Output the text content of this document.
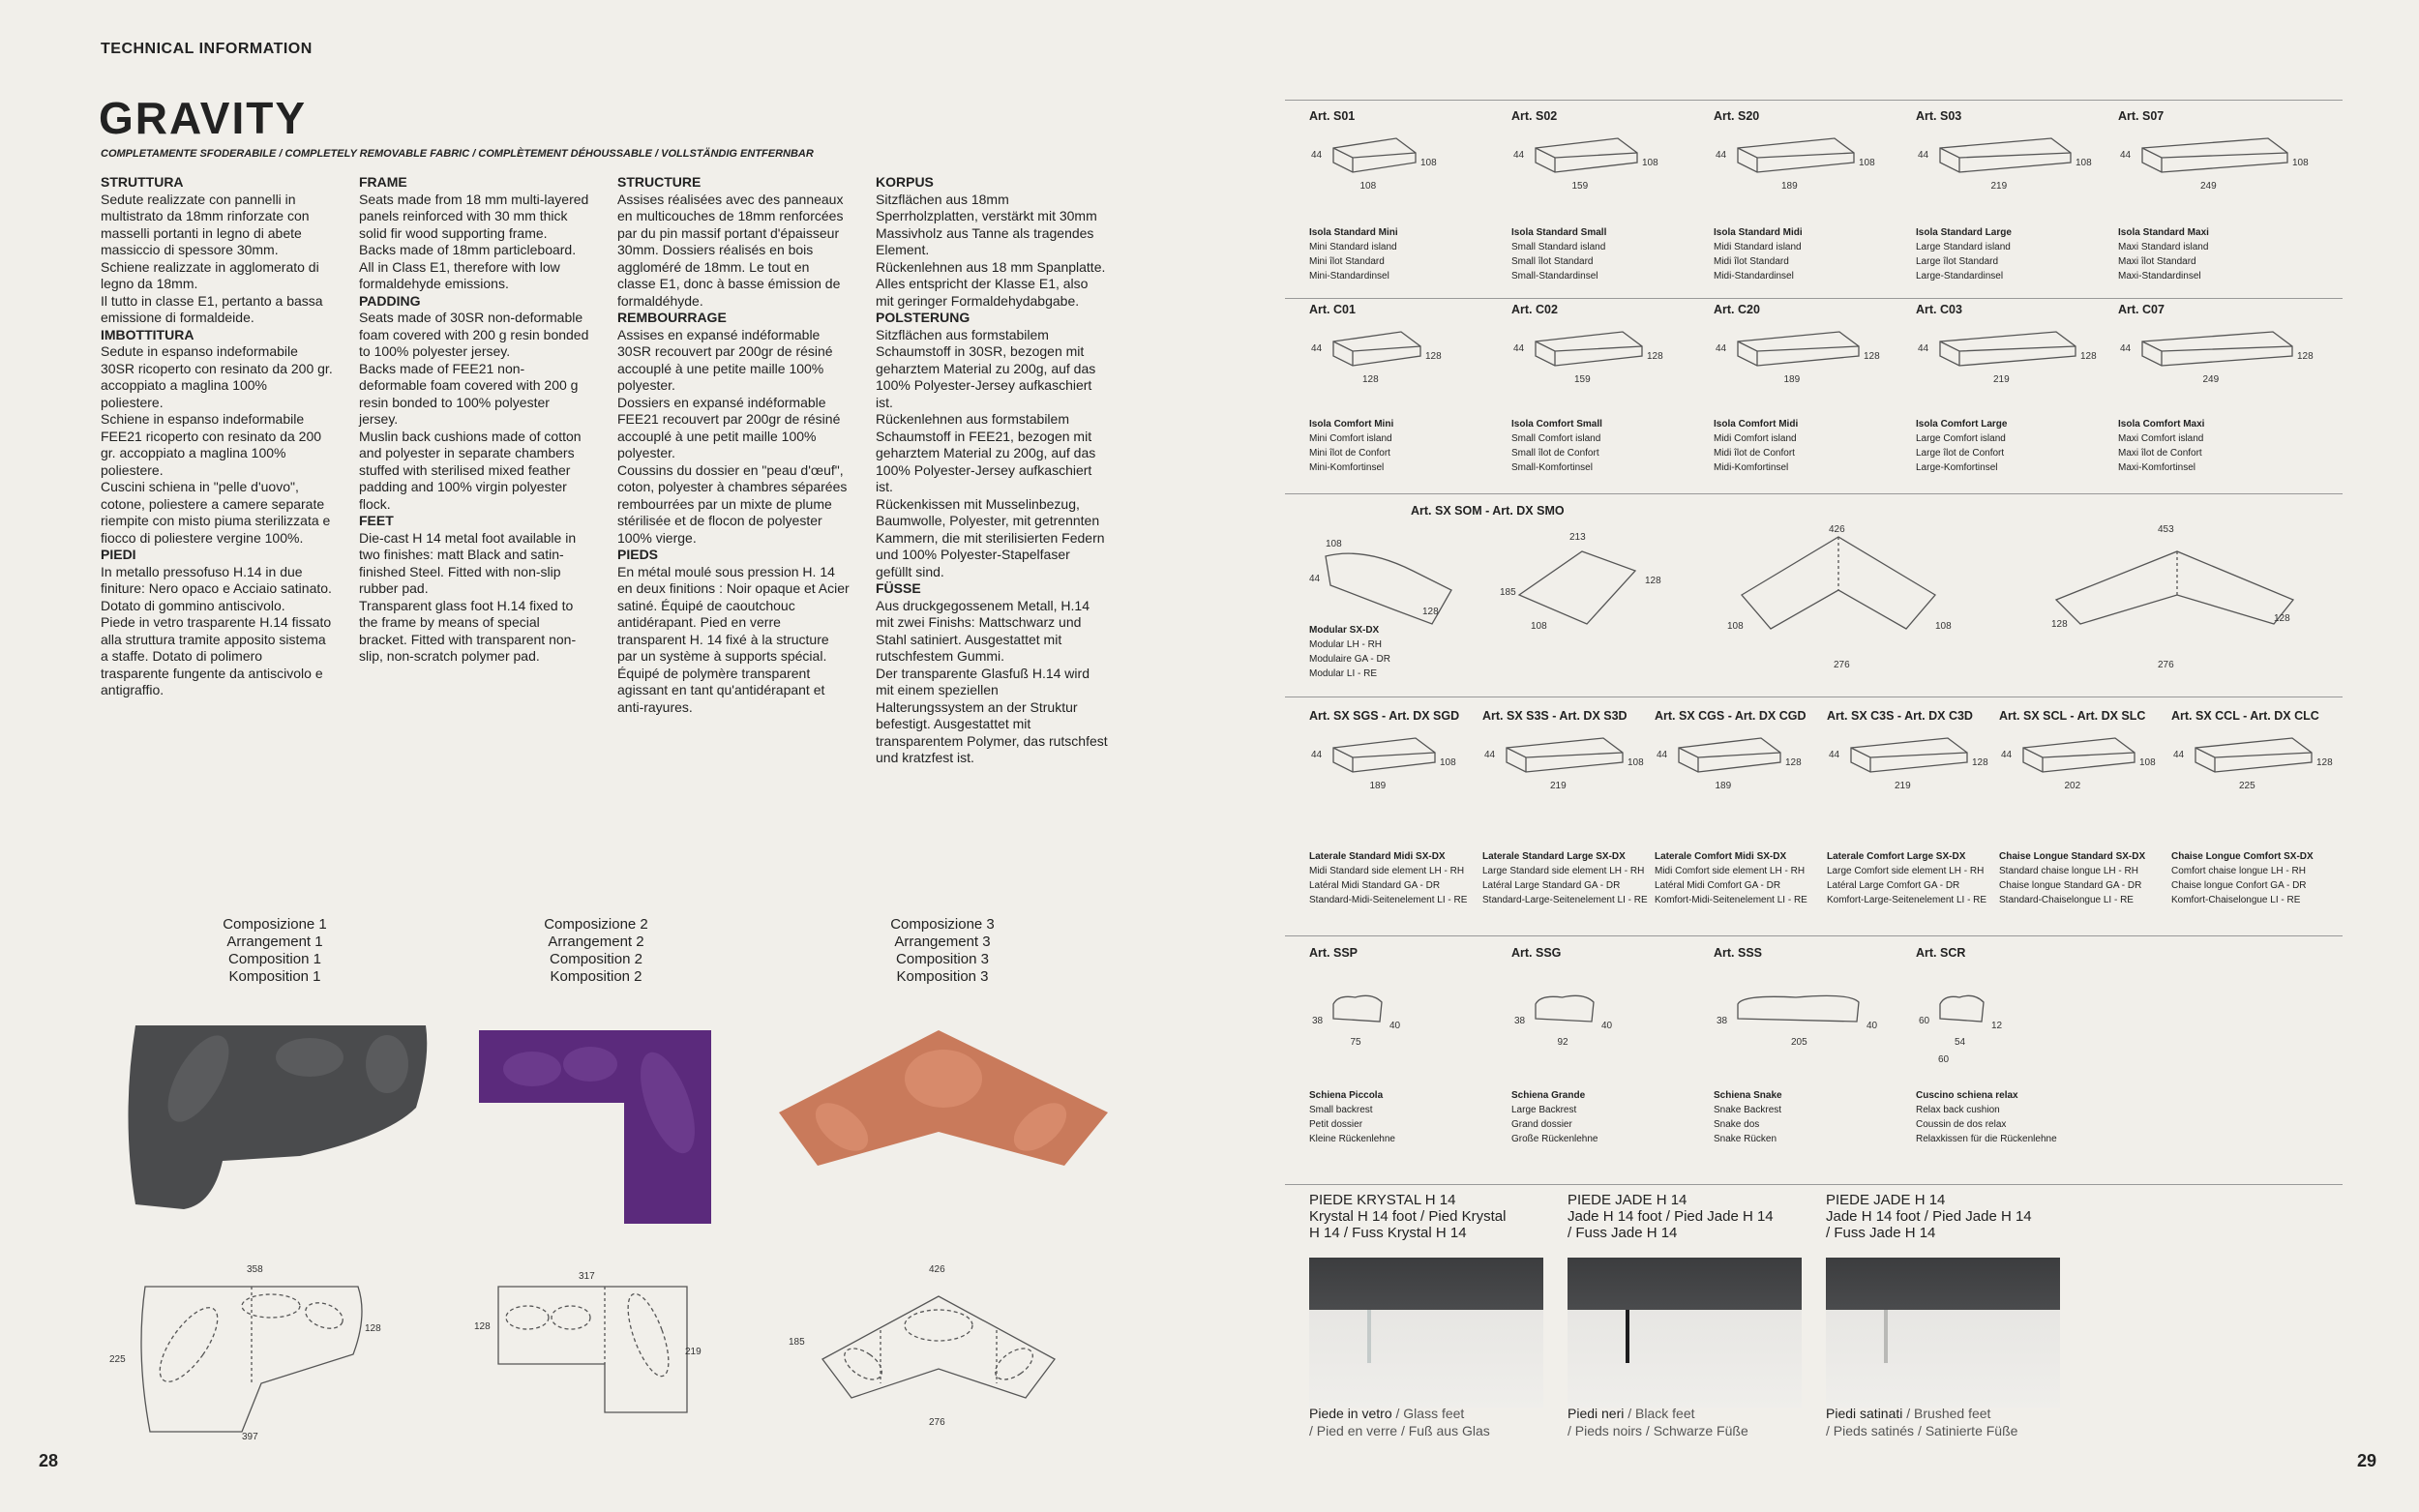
TECHNICAL INFORMATION
GRAVITY
COMPLETAMENTE SFODERABILE / COMPLETELY REMOVABLE FABRIC / COMPLÈTEMENT DÉHOUSSABLE / VOLLSTÄNDIG ENTFERNBAR
STRUTTURA

Sedute realizzate con pannelli in multistrato da 18mm rinforzate con masselli portanti in legno di abete massiccio di spessore 30mm.
Schiene realizzate in agglomerato di legno da 18mm.
Il tutto in classe E1, pertanto a bassa emissione di formaldeide.

IMBOTTITURA

Sedute in espanso indeformabile 30SR ricoperto con resinato da 200 gr. accoppiato a maglina 100% poliestere.
Schiene in espanso indeformabile FEE21 ricoperto con resinato da 200 gr. accoppiato a maglina 100% poliestere.
Cuscini schiena in "pelle d'uovo", cotone, poliestere a camere separate riempite con misto piuma sterilizzata e fiocco di poliestere vergine 100%.

PIEDI

In metallo pressofuso H.14 in due finiture: Nero opaco e Acciaio satinato. Dotato di gommino antiscivolo.
Piede in vetro trasparente H.14 fissato alla struttura tramite apposito sistema a staffe. Dotato di polimero trasparente fungente da antiscivolo e antigraffio.

FRAME

Seats made from 18 mm multi-layered panels reinforced with 30 mm thick solid fir wood supporting frame.
Backs made of 18mm particleboard.
All in Class E1, therefore with low formaldehyde emissions.

PADDING

Seats made of 30SR non-deformable foam covered with 200 g resin bonded to 100% polyester jersey.
Backs made of FEE21 non-deformable foam covered with 200 g resin bonded to 100% polyester jersey.
Muslin back cushions made of cotton and polyester in separate chambers stuffed with sterilised mixed feather padding and 100% virgin polyester flock.

FEET

Die-cast H 14 metal foot available in two finishes: matt Black and satin-finished Steel. Fitted with non-slip rubber pad.
Transparent glass foot H.14 fixed to the frame by means of special bracket. Fitted with transparent non-slip, non-scratch polymer pad.

STRUCTURE

Assises réalisées avec des panneaux en multicouches de 18mm renforcées par du pin massif portant d'épaisseur 30mm. Dossiers réalisés en bois aggloméré de 18mm. Le tout en classe E1, donc à basse émission de formaldéhyde.

REMBOURRAGE

Assises en expansé indéformable 30SR recouvert par 200gr de résiné accouplé à une petite maille 100% polyester.
Dossiers en expansé indéformable FEE21 recouvert par 200gr de résiné accouplé à une petit maille 100% polyester.
Coussins du dossier en "peau d'œuf", coton, polyester à chambres séparées rembourrées par un mixte de plume stérilisée et de flocon de polyester 100% vierge.

PIEDS

En métal moulé sous pression H. 14 en deux finitions : Noir opaque et Acier satiné. Équipé de caoutchouc antidérapant. Pied en verre transparent H. 14 fixé à la structure par un système à supports spécial. Équipé de polymère transparent agissant en tant qu'antidérapant et anti-rayures.

KORPUS

Sitzflächen aus 18mm Sperrholzplatten, verstärkt mit 30mm Massivholz aus Tanne als tragendes Element.
Rückenlehnen aus 18 mm Spanplatte.
Alles entspricht der Klasse E1, also mit geringer Formaldehydabgabe.

POLSTERUNG

Sitzflächen aus formstabilem Schaumstoff in 30SR, bezogen mit geharztem Material zu 200g, auf das 100% Polyester-Jersey aufkaschiert ist.
Rückenlehnen aus formstabilem Schaumstoff in FEE21, bezogen mit geharztem Material zu 200g, auf das 100% Polyester-Jersey aufkaschiert ist.
Rückenkissen mit Musselinbezug, Baumwolle, Polyester, mit getrennten Kammern, die mit sterilisierten Federn und 100% Polyester-Stapelfaser gefüllt sind.

FÜSSE

Aus druckgegossenem Metall, H.14 mit zwei Finishs: Mattschwarz und Stahl satiniert. Ausgestattet mit rutschfestem Gummi.
Der transparente Glasfuß H.14 wird mit einem speziellen Halterungssystem an der Struktur befestigt. Ausgestattet mit transparentem Polymer, das rutschfest und kratzfest ist.

Composizione 1
Arrangement 1
Composition 1
Komposition 1
Composizione 2
Arrangement 2
Composition 2
Komposition 2
Composizione 3
Arrangement 3
Composition 3
Komposition 3
358
397
225
128
317
128
219
426
276
185
28	29
Art. SX SOM - Art. DX SMO
108
44
128
213
185
108
128
426
108	108
276
453
128
128
276
Modular SX-DX
Modular LH - RH
Modulaire GA - DR
Modular LI - RE
Art. S01
44
108
108
Isola Standard Mini
Mini Standard island
Mini îlot Standard
Mini-Standardinsel
Art. S02
44
159
108
Isola Standard Small
Small Standard island
Small îlot Standard
Small-Standardinsel
Art. S20
44
189
108
Isola Standard Midi
Midi Standard island
Midi îlot Standard
Midi-Standardinsel
Art. S03
44
219
108
Isola Standard Large
Large Standard island
Large îlot Standard
Large-Standardinsel
Art. S07
44
249
108
Isola Standard Maxi
Maxi Standard island
Maxi îlot Standard
Maxi-Standardinsel
Art. C01
44
128
128
Isola Comfort Mini
Mini Comfort island
Mini îlot de Confort
Mini-Komfortinsel
Art. C02
44
159
128
Isola Comfort Small
Small Comfort island
Small îlot de Confort
Small-Komfortinsel
Art. C20
44
189
128
Isola Comfort Midi
Midi Comfort island
Midi îlot de Confort
Midi-Komfortinsel
Art. C03
44
219
128
Isola Comfort Large
Large Comfort island
Large îlot de Confort
Large-Komfortinsel
Art. C07
44
249
128
Isola Comfort Maxi
Maxi Comfort island
Maxi îlot de Confort
Maxi-Komfortinsel
Art. SX SGS - Art. DX SGD
44
189
108
Laterale Standard Midi SX-DX
Midi Standard side element LH - RH
Latéral Midi Standard GA - DR
Standard-Midi-Seitenelement LI - RE
Art. SX S3S - Art. DX S3D
44
219
108
Laterale Standard Large SX-DX
Large Standard side element LH - RH
Latéral Large Standard GA - DR
Standard-Large-Seitenelement LI - RE
Art. SX CGS - Art. DX CGD
44
189
128
Laterale Comfort Midi SX-DX
Midi Comfort side element LH - RH
Latéral Midi Comfort GA - DR
Komfort-Midi-Seitenelement LI - RE
Art. SX C3S - Art. DX C3D
44
219
128
Laterale Comfort Large SX-DX
Large Comfort side element LH - RH
Latéral Large Comfort GA - DR
Komfort-Large-Seitenelement LI - RE
Art. SX SCL - Art. DX SLC
44
202
108
Chaise Longue Standard SX-DX
Standard chaise longue LH - RH
Chaise longue Standard GA - DR
Standard-Chaiselongue LI - RE
Art. SX CCL - Art. DX CLC
44
225
128
Chaise Longue Comfort SX-DX
Comfort chaise longue LH - RH
Chaise longue Confort GA - DR
Komfort-Chaiselongue LI - RE
Art. SSP
38
75
40
Schiena Piccola
Small backrest
Petit dossier
Kleine Rückenlehne
Art. SSG
38
92
40
Schiena Grande
Large Backrest
Grand dossier
Große Rückenlehne
Art. SSS
38
205
40
Schiena Snake
Snake Backrest
Snake dos
Snake Rücken
Art. SCR
60
54
12
60
Cuscino schiena relax
Relax back cushion
Coussin de dos relax
Relaxkissen für die Rückenlehne
PIEDE KRYSTAL H 14
Krystal H 14 foot / Pied Krystal
H 14 / Fuss Krystal H 14
Piede in vetro / Glass feet
/ Pied en verre / Fuß aus Glas
PIEDE JADE H 14
Jade H 14 foot / Pied Jade H 14
/ Fuss Jade H 14
Piedi neri / Black feet
/ Pieds noirs / Schwarze Füße
PIEDE JADE H 14
Jade H 14 foot / Pied Jade H 14
/ Fuss Jade H 14
Piedi satinati / Brushed feet
/ Pieds satinés / Satinierte Füße
